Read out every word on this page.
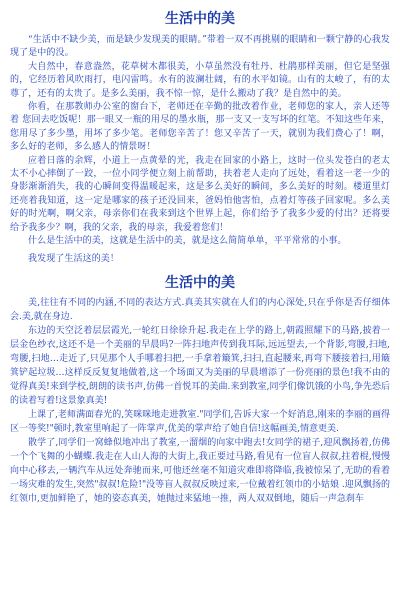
生活中的美

“生活中不缺少美，而是缺少发现美的眼睛。”带着一双不再挑剔的眼睛和一颗宁静的心我发现了是中的没。

大自然中，春意盎然，花草树木都很美，小草虽然没有牡丹、杜鹃那样美丽，但它是坚强的，它经历着风吹雨打，电闪雷鸣。水有的波澜壮阔，有的水平如镜。山有的太峻了，有的太尊了，还有的太贵了。是多么美丽，我不惊一惊，是什么搬动了我？是自然中的美。

你看，在那教师办公室的窗台下，老师还在辛勤的批改着作业，老师您的家人，亲人还等着 您回去吃饭呢！那一眼又一瓶的用尽的墨水瓶，那一支又一支写坏的红笔。不知这些年来，您用尽了多少墨，用坏了多少笔。老师您辛苦了！您又辛苦了一天，就别为我们费心了！啊，多么好的老师，多么感人的情景呀！

应着日落的余辉，小道上一点黄晕的光，我走在回家的小路上，这时一位头发苍白的老太太不小心摔倒了一跤，一位小同学便立刻上前帮助，扶着老人走向了远处，看着这一老一少的身影渐渐消失，我的心瞬间变得温暖起来，这是多么美好的瞬间，多么美好的时刻。楼道里灯还亮着我知道，这一定是哪家的孩子还没回来，爸妈怕他害怕，点着灯等孩子回家呢。多么美好的时光啊，啊父亲，母亲你们在我来到这个世界上起，你们给予了我多少爱的付出？还将要给予我多少？啊，我的父亲，我的母亲，我爱着您们！

什么是生活中的美，这就是生活中的美，就是这么简简单单，平平常常的小事。

我发现了生活这的美！

生活中的美

美,往往有不同的内涵,不同的表达方式.真美其实就在人们的内心深处,只在乎你是否仔细体会.美,就在身边.

东边的天空泛着层层霞光,一轮红日徐徐升起.我走在上学的路上,朝霞照耀下的马路,披着一层金色纱衣,这还不是一个美丽的早晨吗?一阵扫地声传到我耳际,远远望去,一个背影,弯腰,扫地,弯腰,扫地…走近了,只见那个人手哪着扫把,一手拿着簸箕,扫扫,直起腰来,再弯下腰接着扫,用簸箕铲起垃圾…这样反反复复地做着,这一个场面又为美丽的早晨增添了一份亮丽的景色!我不由的觉得真美!来到学校,朗朗的读书声,仿佛一首悦耳的美曲.来到教室,同学们像饥饿的小鸟,争先恐后的读着写着!这景象真美!

上课了,老师满面春光的,笑咪咪地走进教室."同学们,告诉大家一个好消息,刚来的李丽的画得区一等奖!"顿时,教室里响起了一阵掌声,优美的掌声给了她自信!这幅画美,情意更美.

散学了,同学们一窝蜂似地冲出了教室,一溜烟的向家中跑去!女同学的裙子,迎风飘扬着,仿佛一个个飞舞的小蝴蝶.我走在人山人海的大街上,我正要过马路,看见有一位盲人叔叔,拄着棍,慢慢向中心移去,一辆汽车从远处奔驰而来,可他还丝毫不知道灾难即将降临,我被惊呆了,无助的看着一场灾难的发生,突然"叔叔!危险!"没等盲人叔叔反映过来,一位戴着红领巾的小姑娘 .迎风飘扬的红领巾,更加鲜艳了，她的姿态真美，她抛过来猛地一推，两人双双倒地，随后一声急刹车
